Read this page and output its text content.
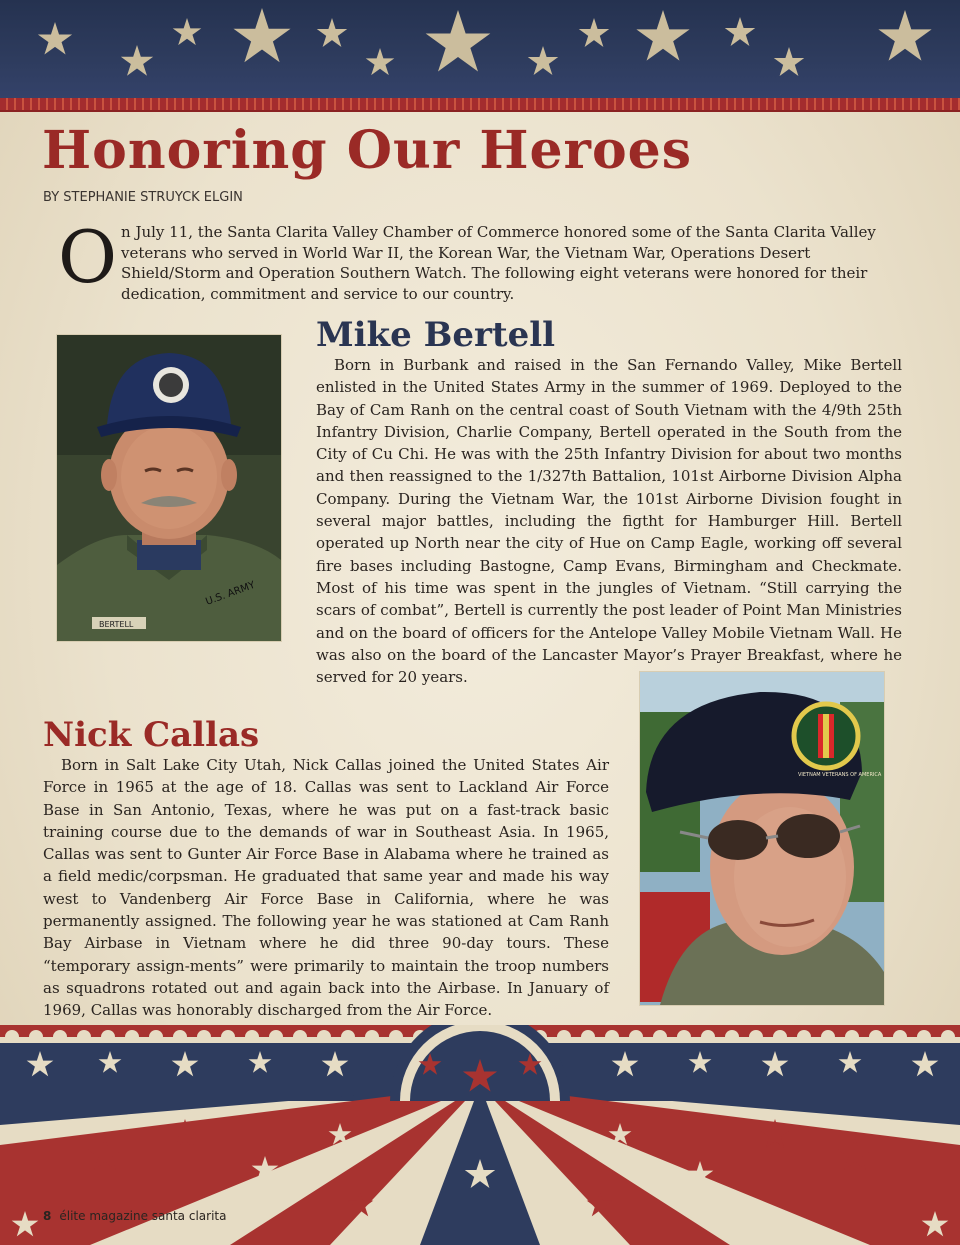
Honoring Our Heroes
BY STEPHANIE STRUYCK ELGIN
O n July 11, the Santa Clarita Valley Chamber of Commerce honored some of the Santa Clarita Valley veterans who served in World War II, the Korean War, the Vietnam War, Operations Desert Shield/Storm and Operation Southern Watch. The following eight veterans were honored for their dedication, commitment and service to our country.
BERTELL
U.S. ARMY
Mike Bertell
Born in Burbank and raised in the San Fernando Valley, Mike Bertell enlisted in the United States Army in the summer of 1969. Deployed to the Bay of Cam Ranh on the central coast of South Vietnam with the 4/9th 25th Infantry Division, Charlie Company, Bertell operated in the South from the City of Cu Chi. He was with the 25th Infantry Division for about two months and then reassigned to the 1/327th Battalion, 101st Airborne Division Alpha Company. During the Vietnam War, the 101st Airborne Division fought in several major battles, including the figtht for Hamburger Hill. Bertell operated up North near the city of Hue on Camp Eagle, working off several fire bases including Bastogne, Camp Evans, Birmingham and Checkmate. Most of his time was spent in the jungles of Vietnam. “Still carrying the scars of combat”, Bertell is currently the post leader of Point Man Ministries and on the board of officers for the Antelope Valley Mobile Vietnam Wall. He was also on the board of the Lancaster Mayor’s Prayer Breakfast, where he served for 20 years.
Nick Callas
Born in Salt Lake City Utah, Nick Callas joined the United States Air Force in 1965 at the age of 18. Callas was sent to Lackland Air Force Base in San Antonio, Texas, where he was put on a fast-track basic training course due to the demands of war in Southeast Asia. In 1965, Callas was sent to Gunter Air Force Base in Alabama where he trained as a field medic/corpsman. He graduated that same year and made his way west to Vandenberg Air Force Base in California, where he was permanently assigned. The following year he was stationed at Cam Ranh Bay Airbase in Vietnam where he did three 90-day tours. These “temporary assign-ments” were primarily to maintain the troop numbers as squadrons rotated out and again back into the Airbase. In January of 1969, Callas was honorably discharged from the Air Force.
VIETNAM VETERANS OF AMERICA
8 élite magazine santa clarita
